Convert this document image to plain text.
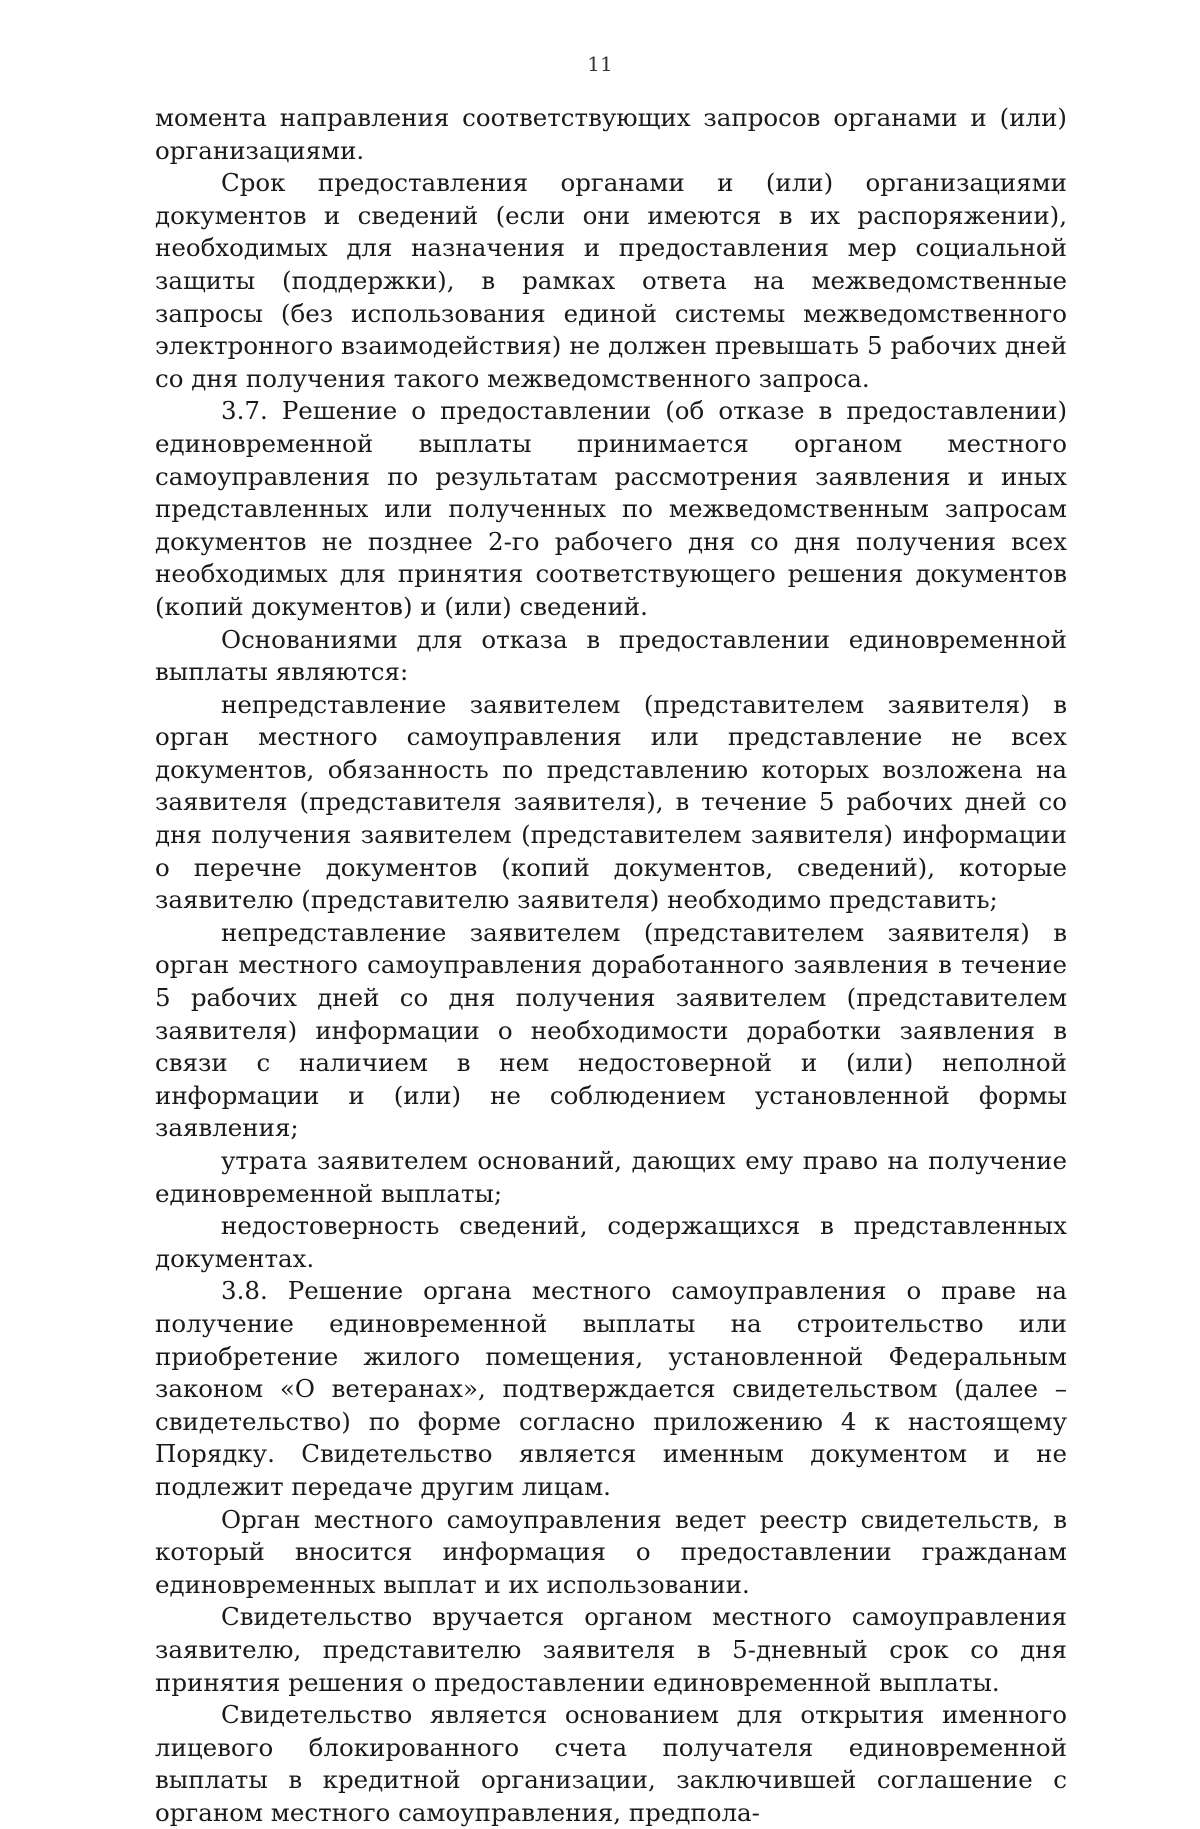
11

момента направления соответствующих запросов органами и (или) организациями.

Срок предоставления органами и (или) организациями документов и сведений (если они имеются в их распоряжении), необходимых для назначения и предоставления мер социальной защиты (поддержки), в рамках ответа на межведомственные запросы (без использования единой системы межведомственного электронного взаимодействия) не должен превышать 5 рабочих дней со дня получения такого межведомственного запроса.

3.7. Решение о предоставлении (об отказе в предоставлении) единовременной выплаты принимается органом местного самоуправления по результатам рассмотрения заявления и иных представленных или полученных по межведомственным запросам документов не позднее 2-го рабочего дня со дня получения всех необходимых для принятия соответствующего решения документов (копий документов) и (или) сведений.

Основаниями для отказа в предоставлении единовременной выплаты являются:

непредставление заявителем (представителем заявителя) в орган местного самоуправления или представление не всех документов, обязанность по представлению которых возложена на заявителя (представителя заявителя), в течение 5 рабочих дней со дня получения заявителем (представителем заявителя) информации о перечне документов (копий документов, сведений), которые заявителю (представителю заявителя) необходимо представить;

непредставление заявителем (представителем заявителя) в орган местного самоуправления доработанного заявления в течение 5 рабочих дней со дня получения заявителем (представителем заявителя) информации о необходимости доработки заявления в связи с наличием в нем недостоверной и (или) неполной информации и (или) не соблюдением установленной формы заявления;

утрата заявителем оснований, дающих ему право на получение единовременной выплаты;

недостоверность сведений, содержащихся в представленных документах.

3.8. Решение органа местного самоуправления о праве на получение единовременной выплаты на строительство или приобретение жилого помещения, установленной Федеральным законом «О ветеранах», подтверждается свидетельством (далее – свидетельство) по форме согласно приложению 4 к настоящему Порядку. Свидетельство является именным документом и не подлежит передаче другим лицам.

Орган местного самоуправления ведет реестр свидетельств, в который вносится информация о предоставлении гражданам единовременных выплат и их использовании.

Свидетельство вручается органом местного самоуправления заявителю, представителю заявителя в 5-дневный срок со дня принятия решения о предоставлении единовременной выплаты.

Свидетельство является основанием для открытия именного лицевого блокированного счета получателя единовременной выплаты в кредитной организации, заключившей соглашение с органом местного самоуправления, предпола-
